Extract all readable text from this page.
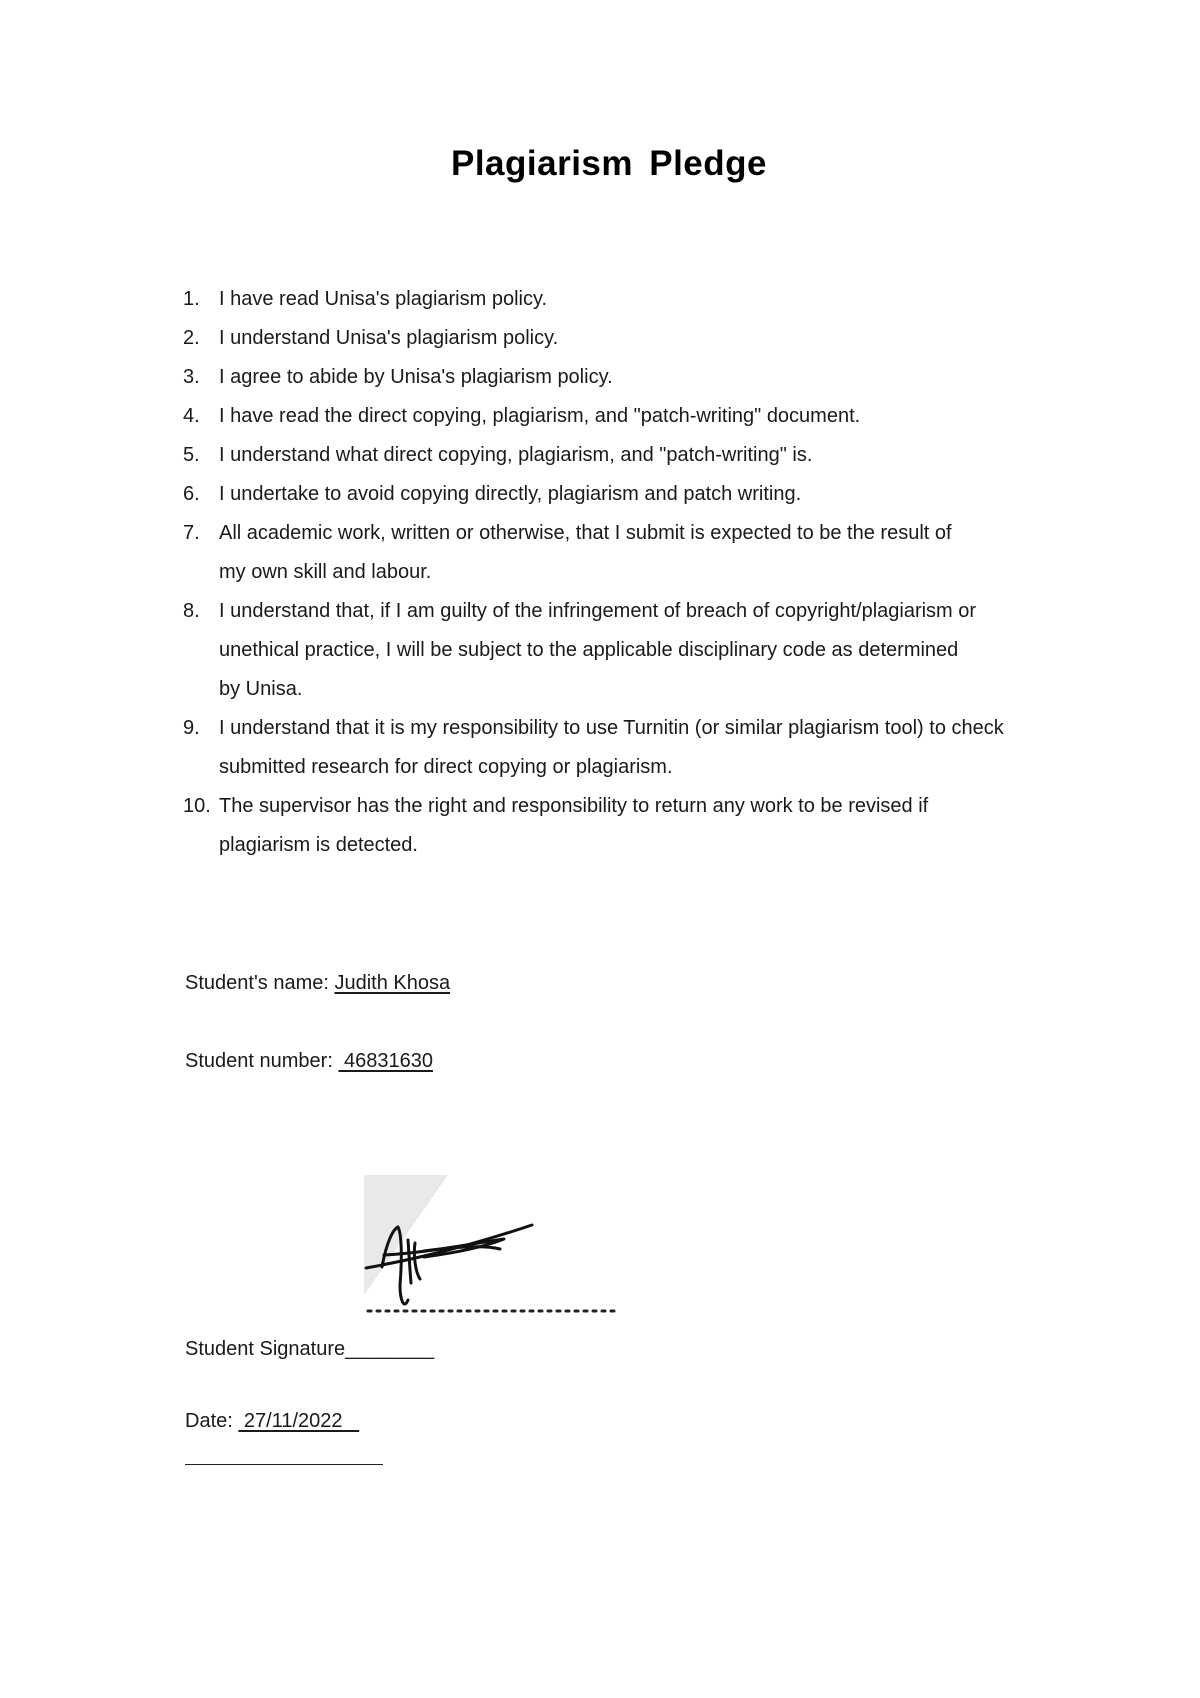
Plagiarism Pledge
1. I have read Unisa's plagiarism policy.
2. I understand Unisa's plagiarism policy.
3. I agree to abide by Unisa's plagiarism policy.
4. I have read the direct copying, plagiarism, and "patch-writing" document.
5. I understand what direct copying, plagiarism, and "patch-writing" is.
6. I undertake to avoid copying directly, plagiarism and patch writing.
7. All academic work, written or otherwise, that I submit is expected to be the result of my own skill and labour.
8. I understand that, if I am guilty of the infringement of breach of copyright/plagiarism or unethical practice, I will be subject to the applicable disciplinary code as determined by Unisa.
9. I understand that it is my responsibility to use Turnitin (or similar plagiarism tool) to check submitted research for direct copying or plagiarism.
10. The supervisor has the right and responsibility to return any work to be revised if plagiarism is detected.
Student's name: Judith Khosa
Student number:  46831630
Student Signature________
Date:  27/11/2022
